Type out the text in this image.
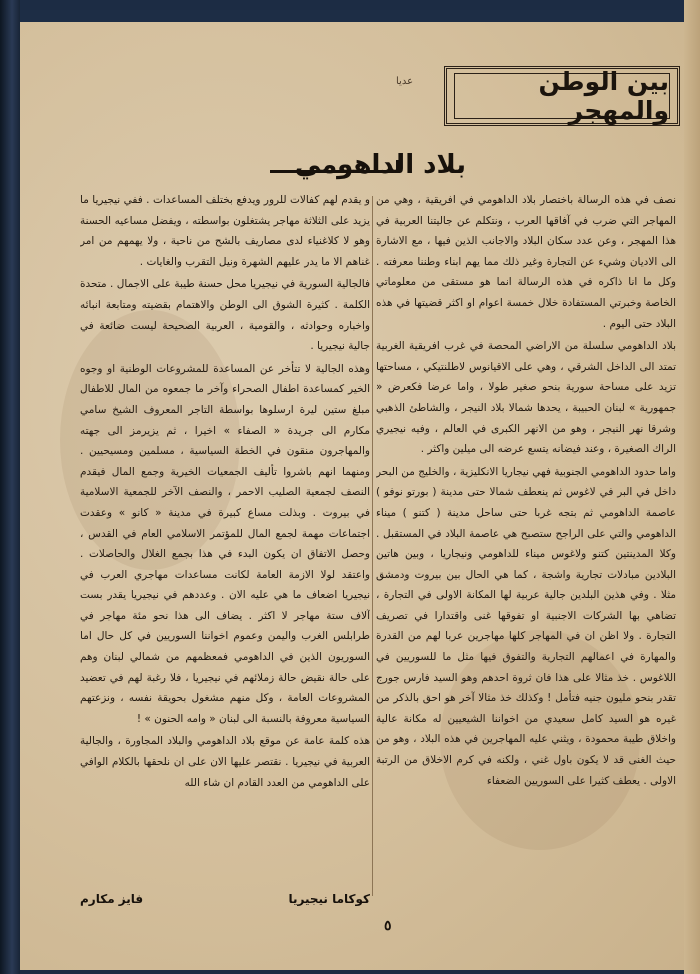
عدیا	بين الوطن والمهجر
بلاد الداهومي

نصف في هذه الرسالة باختصار بلاد الداهومي في افريقية ، وهي من المهاجر التي ضرب في آفاقها العرب ، ونتكلم عن جاليتنا العربية في هذا المهجر ، وعن عدد سكان البلاد والاجانب الذين فيها ، مع الاشارة الى الاديان وشيء عن التجارة وغير ذلك مما يهم ابناء وطننا معرفته . وكل ما انا ذاكره في هذه الرسالة انما هو مستقى من معلوماتي الخاصة وخبرتي المستفادة خلال خمسة اعوام او اكثر قضيتها في هذه البلاد حتى اليوم .

بلاد الداهومي سلسلة من الاراضي المحصة في غرب افريقية الغربية تمتد الى الداخل الشرقي ، وهي على الاقيانوس لاطلنتيكي ، مساحتها تزيد على مساحة سورية بنحو صغير طولا ، واما عرضا فكعرض « جمهورية » لبنان الحبيبة ، يحدها شمالا بلاد النيجر ، والشاطئ الذهبي وشرقا نهر النيجر ، وهو من الانهر الكبرى في العالم ، وفيه نيجيري الراك الصغيرة ، وعند فيضانه يتسع عرضه الى ميلين واكثر .

واما حدود الداهومي الجنوبية فهي نيجاريا الانكليزية ، والخليج من البحر داخل في البر في لاغوس ثم ينعطف شمالا حتى مدينة ( بورتو نوفو ) عاصمة الداهومي ثم بتجه غربا حتى ساحل مدينة ( كتنو ) ميناء الداهومي والتي على الراجح ستصبح هي عاصمة البلاد في المستقبل . وكلا المدينتين كتنو ولاغوس ميناء للداهومي ونيجاريا ، وبين هاتين البلادين مبادلات تجارية واشجة ، كما هي الحال بين بيروت ودمشق مثلا . وفي هذين البلدين جالية عربية لها المكانة الاولى في التجارة ، تضاهي بها الشركات الاجنبية او تفوقها غنى واقتدارا في تصريف التجارة . ولا اظن ان في المهاجر كلها مهاجرين عربا لهم من القدرة والمهارة في اعمالهم التجارية والتفوق فيها مثل ما للسوريين في اللاغوس . خذ مثالا على هذا فان ثروة احدهم وهو السيد فارس جورج تقدر بنحو مليون جنيه فتأمل ! وكذلك خذ مثالا آخر هو احق بالذكر من غيره هو السيد كامل سعيدي من اخواننا الشيعيين له مكانة عالية واخلاق طيبة محمودة ، ويثني عليه المهاجرين في هذه البلاد ، وهو من حيث الغنى قد لا يكون باول غني ، ولكنه في كرم الاخلاق من الرتبة الاولى . يعطف كثيرا على السوريين الضعفاء

و يقدم لهم كفالات للرور ويدفع بختلف المساعدات . ففي نيجيريا ما يزيد على الثلاثة مهاجر يشتغلون بواسطته ، ويفضل مساعيه الحسنة وهو لا كلاغنياء لدى مصاريف بالشح من ناحية ، ولا يهمهم من امر غناهم الا ما يدر عليهم الشهرة ونيل التقرب والغايات .

فالجالية السورية في نيجيريا محل حسنة طيبة على الاجمال . متحدة الكلمة . كثيرة الشوق الى الوطن والاهتمام بقضيته ومتابعة انبائه واخباره وحوادثه ، والقومية ، العربية الصحيحة ليست ضائعة في جالية نيجيريا .

وهذه الجالية لا تتأخر عن المساعدة للمشروعات الوطنية او وجوه الخير كمساعدة اطفال الصحراء وآخر ما جمعوه من المال للاطفال مبلغ ستين ليرة ارسلوها بواسطة التاجر المعروف الشيخ سامي مكارم الى جريدة « الصفاء » اخيرا ، ثم يزيرمز الى جهته والمهاجرون منقون في الخطة السياسية ، مسلمين ومسيحيين . ومنهما انهم باشروا تأليف الجمعيات الخيرية وجمع المال فيقدم النصف لجمعية الصليب الاحمر ، والنصف الآخر للجمعية الاسلامية في بيروت . وبذلت مساع كبيرة في مدينة « كانو » وعقدت اجتماعات مهمة لجمع المال للمؤتمر الاسلامي العام في القدس ، وحصل الاتفاق ان يكون البدء في هذا بجمع الغلال والحاصلات . واعتقد لولا الازمة العامة لكانت مساعدات مهاجري العرب في نيجيريا اضعاف ما هي عليه الان . وعددهم في نيجيريا يقدر بست آلاف ستة مهاجر لا اكثر . يضاف الى هذا نحو مئة مهاجر في طرابلس الغرب واليمن وعموم اخواننا السوريين في كل حال اما السوريون الذين في الداهومي فمعظمهم من شمالي لبنان وهم على حالة نقيض حالة زملائهم في نيجيريا ، فلا رغبة لهم في تعضيد المشروعات العامة ، وكل منهم مشغول بحويقة نفسه ، ونزعتهم السياسية معروفة بالنسبة الى لبنان « وامه الحنون » !

هذه كلمة عامة عن موقع بلاد الداهومي والبلاد المجاورة ، والجالية العربية في نيجيريا . نقتصر عليها الان على ان نلحقها بالكلام الوافي على الداهومي من العدد القادم ان شاء الله

كوكاما نيجيريا
فايز مكارم
٥
